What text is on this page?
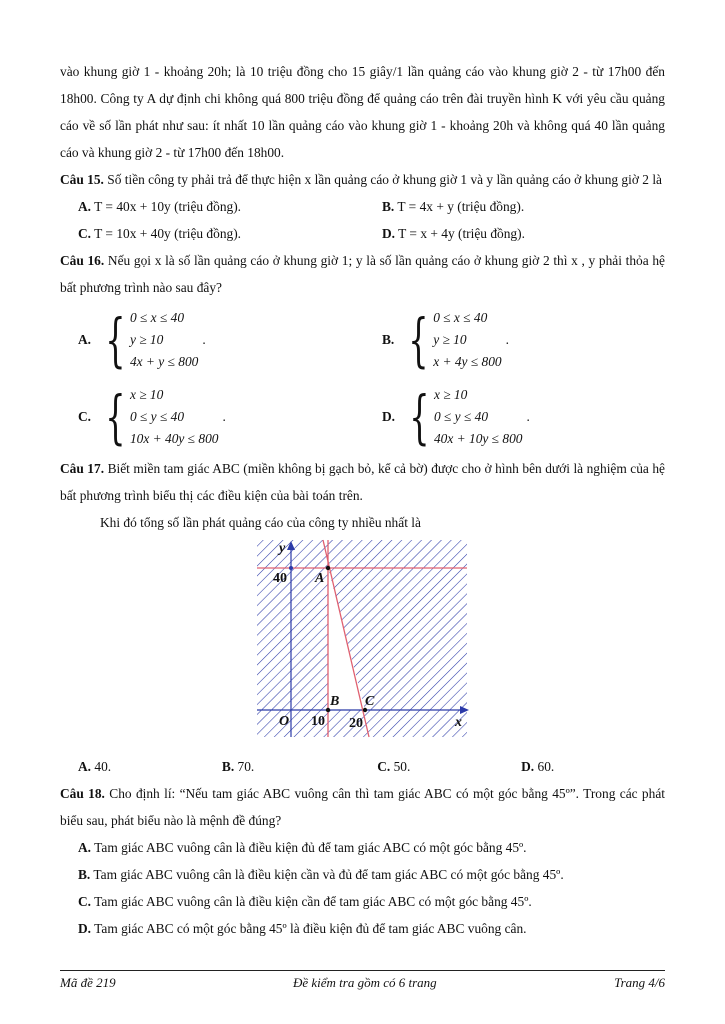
vào khung giờ 1 - khoảng 20h; là 10 triệu đồng cho 15 giây/1 lần quảng cáo vào khung giờ 2 - từ 17h00 đến 18h00. Công ty A dự định chi không quá 800 triệu đồng để quảng cáo trên đài truyền hình K với yêu cầu quảng cáo về số lần phát như sau: ít nhất 10 lần quảng cáo vào khung giờ 1 - khoảng 20h và không quá 40 lần quảng cáo và khung giờ 2 - từ 17h00 đến 18h00.

Câu 15. Số tiền công ty phải trả để thực hiện x lần quảng cáo ở khung giờ 1 và y lần quảng cáo ở khung giờ 2 là

A. T = 40x + 10y (triệu đồng).	B. T = 4x + y (triệu đồng).
C. T = 10x + 40y (triệu đồng).	D. T = x + 4y (triệu đồng).

Câu 16. Nếu gọi x là số lần quảng cáo ở khung giờ 1; y là số lần quảng cáo ở khung giờ 2 thì x , y phải thỏa hệ bất phương trình nào sau đây?

A. { 0 ≤ x ≤ 40
y ≥ 10
4x + y ≤ 800
.	B. { 0 ≤ x ≤ 40
y ≥ 10
x + 4y ≤ 800
.
C. { x ≥ 10
0 ≤ y ≤ 40
10x + 40y ≤ 800
.	D. { x ≥ 10
0 ≤ y ≤ 40
40x + 10y ≤ 800
.

Câu 17. Biết miền tam giác ABC (miền không bị gạch bỏ, kể cả bờ) được cho ở hình bên dưới là nghiệm của hệ bất phương trình biểu thị các điều kiện của bài toán trên.

Khi đó tổng số lần phát quảng cáo của công ty nhiều nhất là

y
x
O
40
10 20
A
B C
A. 40.	B. 70.	C. 50.	D. 60.

Câu 18. Cho định lí: “Nếu tam giác ABC vuông cân thì tam giác ABC có một góc bằng 45º”. Trong các phát biểu sau, phát biểu nào là mệnh đề đúng?

A. Tam giác ABC vuông cân là điều kiện đủ để tam giác ABC có một góc bằng 45º.

B. Tam giác ABC vuông cân là điều kiện cần và đủ để tam giác ABC có một góc bằng 45º.

C. Tam giác ABC vuông cân là điều kiện cần để tam giác ABC có một góc bằng 45º.

D. Tam giác ABC có một góc bằng 45º là điều kiện đủ để tam giác ABC vuông cân.

Mã đề 219	Đề kiểm tra gồm có 6 trang	Trang 4/6
